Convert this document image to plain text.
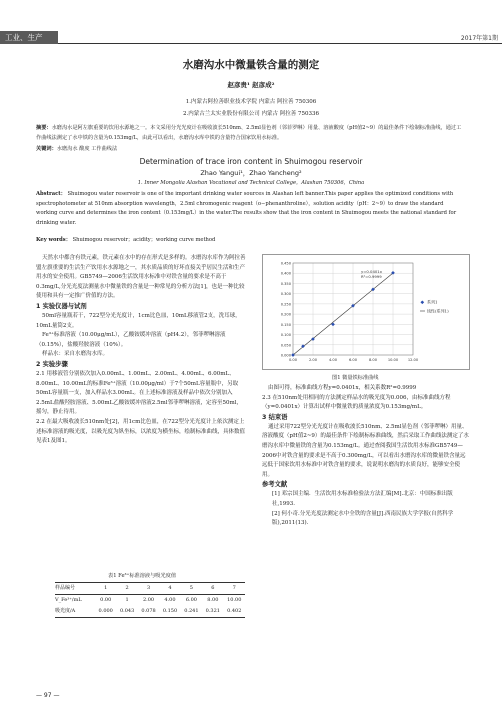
工业、生产	2017年第1期
水磨沟水中微量铁含量的测定
赵彦贵¹ 赵彦成²
1.内蒙古阿拉善职业技术学院 内蒙古 阿拉善 750306
2.内蒙古兰太实业股份有限公司 内蒙古 阿拉善 750336
摘要：水磨沟水是阿左旗重要的饮用水源地之一。本文采用分光光度计在吸收波长510nm、2.5ml显色剂（邻菲罗啉）用量、溶液酸度（pH值2~9）的最佳条件下绘制标准曲线，通过工作曲线法测定了水中铁的含量为0.153mg/L，由此可以看出，水磨沟水库中铁的含量符合国家饮用水标准。
关键词：水磨沟水 酸度 工作曲线法
Determination of trace iron content in Shuimogou reservoir
Zhao Yangui¹，Zhao Yancheng²
1. Inner Mongolia Alashan Vocational and Technical College，Alashan 750306，China
Abstract： Shuimogou water reservoir is one of the important drinking water sources in Alashan left banner.This paper applies the optimized conditions with spectrophotometer at 510nm absorption wavelength，2.5ml chromogenic reagent（o−phenanthroline），solution acidity（pH：2~9）to draw the standard working curve and determines the iron content（0.153mg/L）in the water.The results show that the iron content in Shuimogou meets the national standard for drinking water.
Key words： Shuimogou reservoir；acidity；working curve method

天然水中都含有铁元素，铁元素在水中的存在形式是多样的。水磨沟水库作为阿拉善盟左旗重要的生活生产饮用水水源地之一，其水质品质的好坏直接关乎居民生活和生产用水的安全使用。GB5749—2006生活饮用水标准中对铁含量的要求是不高于0.3mg/L,分光光度法测量水中微量铁的含量是一种常见的分析方法[1]，也是一种比较使用和具有一定推广价值的方法。

1 实验仪器与试剂

50ml容量瓶若干，722型分光光度计，1cm比色皿，10mL移液管2支，洗耳球，10mL量筒2支。

Fe³⁺标准溶液（10.00μg/mL），乙酸铵缓冲溶液（pH4.2），邻菲啰啉溶液（0.15%），盐酸羟胺溶液（10%）。

样品水：采自水磨沟水库。

2 实验步骤

2.1 用移液管分别依次加入0.00mL、1.00mL、2.00mL、4.00mL、6.00mL、8.00mL、10.00mL的标准Fe³⁺溶液（10.00μg/ml）于7个50mL容量瓶中，另取50mL容量瓶一支，加入样品水3.00mL。在上述标准溶液及样品中依次分别加入2.5mL盐酸羟胺溶液、5.00mL乙酸铵缓冲溶液2.5ml邻菲啰啉溶液，定容至50ml，摇匀，静止待用。

2.2 在最大吸收波长510nm处[2]，用1cm比色皿，在722型分光光度计上依次测定上述标准溶液的吸光度，以吸光度为纵坐标，以浓度为横坐标，绘制标准曲线，具体数值见表1及图1。

表1 Fe³⁺标准溶液与吸光度值
样品编号	1	2	3	4	5	6	7
V_Fe³⁺/mL	0.00	1	2.00	4.00	6.00	8.00	10.00
吸光度/A	0.000	0.043	0.078	0.150	0.241	0.321	0.402
0.000
0.050
0.100
0.150
0.200
0.250
0.300
0.350
0.400
0.450
0.00	2.00	4.00	6.00	8.00	10.00	12.00
y=0.0401x
R²=0.9999
系列1
线性(系列1)
图1 微量铁标准曲线

由图可得，标准曲线方程y=0.0401x，相关系数R²=0.9999

2.3 在510nm处用相同的方法测定样品水的吸光度为0.006，由标准曲线方程（y=0.0401x）计算出试样中微量铁的质量浓度为0.153mg/mL。

3 结束语

通过采用722型分光光度计在吸收波长510nm、2.5ml显色剂（邻菲啰啉）用量、溶液酸度（pH值2~9）的最佳条件下绘制标标准曲线，然后采取工作曲线法测定了水磨沟水库中微量铁的含量为0.153mg/L。通过查阅我国生活饮用水标准GB5749—2006中对铁含量的要求是不高于0.300mg/L，可以看出水磨沟水库的微量铁含量远远低于国家饮用水标准中对铁含量的要求，说说明水磨沟的水质良好，能够安全使用。

参考文献

[1] 邓宗国主编．生活饮用水标准检验法方法汇编[M].北京：中国标准出版社,1993.

[2] 何小奇.分光光度法测定水中全铁的含量[J].西南民族大学学报(自然科学版),2011(13).

— 97 —
